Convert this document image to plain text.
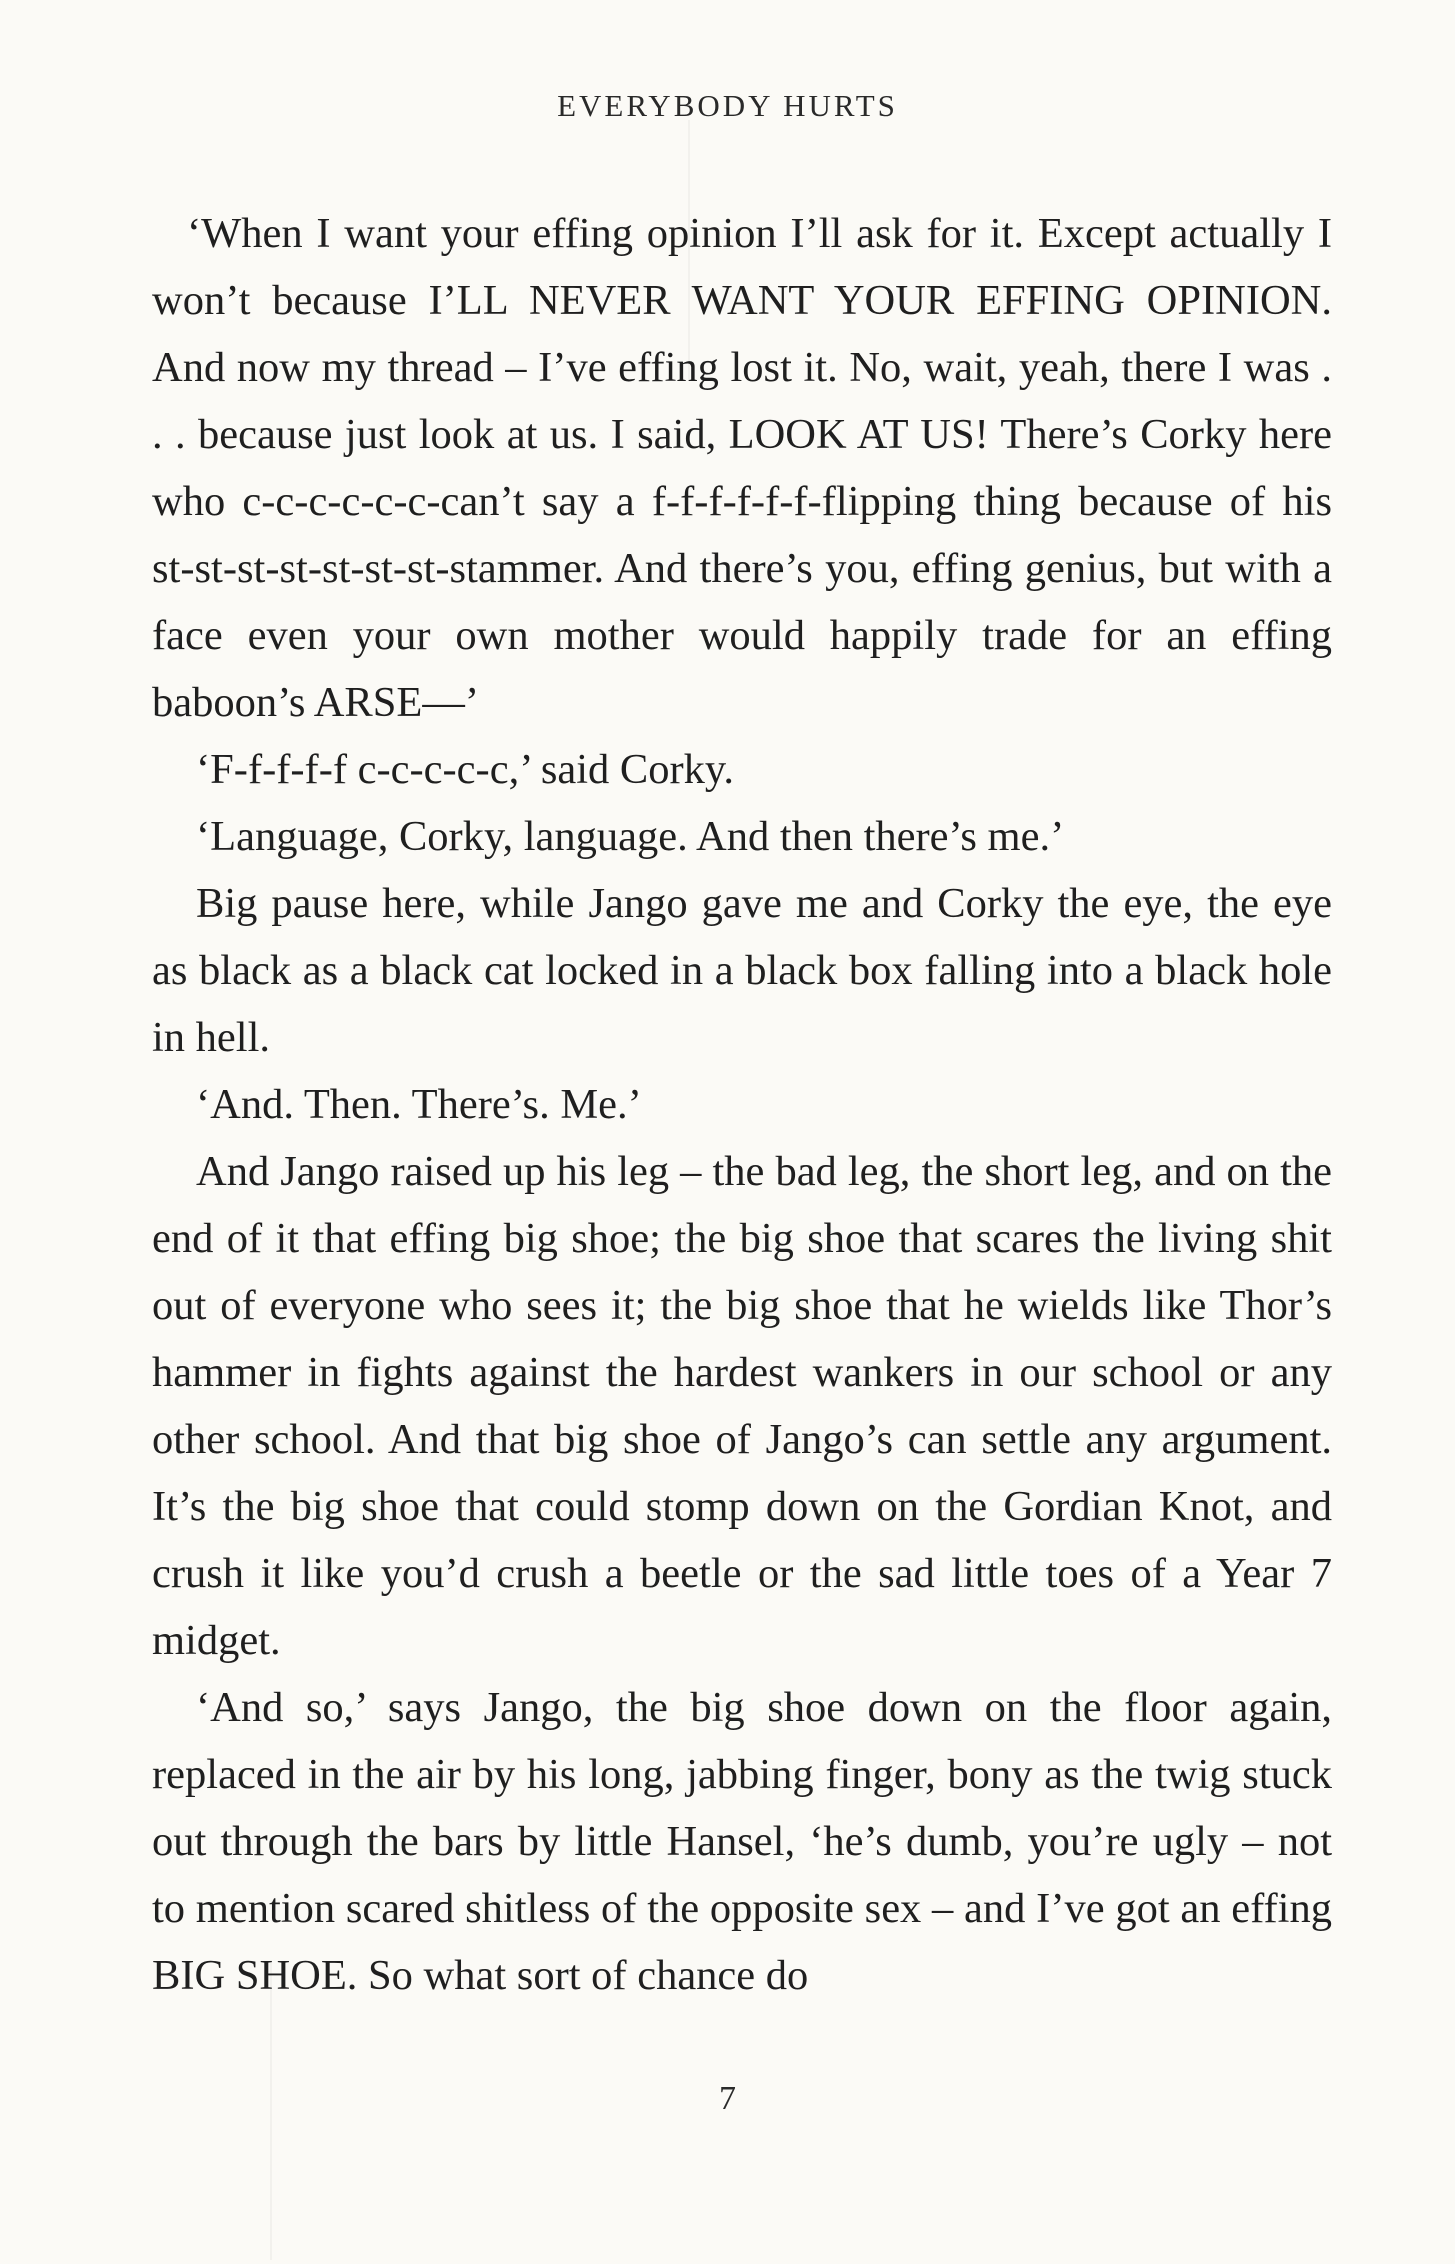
EVERYBODY HURTS

‘When I want your effing opinion I’ll ask for it. Except actually I won’t because I’LL NEVER WANT YOUR EFFING OPINION. And now my thread – I’ve effing lost it. No, wait, yeah, there I was . . . because just look at us. I said, LOOK AT US! There’s Corky here who c-c-c-c-c-c-can’t say a f-f-f-f-f-f-flipping thing because of his st-st-st-st-st-st-st-stammer. And there’s you, effing genius, but with a face even your own mother would happily trade for an effing baboon’s ARSE—’

‘F-f-f-f-f c-c-c-c-c,’ said Corky.

‘Language, Corky, language. And then there’s me.’

Big pause here, while Jango gave me and Corky the eye, the eye as black as a black cat locked in a black box falling into a black hole in hell.

‘And. Then. There’s. Me.’

And Jango raised up his leg – the bad leg, the short leg, and on the end of it that effing big shoe; the big shoe that scares the living shit out of everyone who sees it; the big shoe that he wields like Thor’s hammer in fights against the hardest wankers in our school or any other school. And that big shoe of Jango’s can settle any argument. It’s the big shoe that could stomp down on the Gordian Knot, and crush it like you’d crush a beetle or the sad little toes of a Year 7 midget.

‘And so,’ says Jango, the big shoe down on the floor again, replaced in the air by his long, jabbing finger, bony as the twig stuck out through the bars by little Hansel, ‘he’s dumb, you’re ugly – not to mention scared shitless of the opposite sex – and I’ve got an effing BIG SHOE. So what sort of chance do

7
